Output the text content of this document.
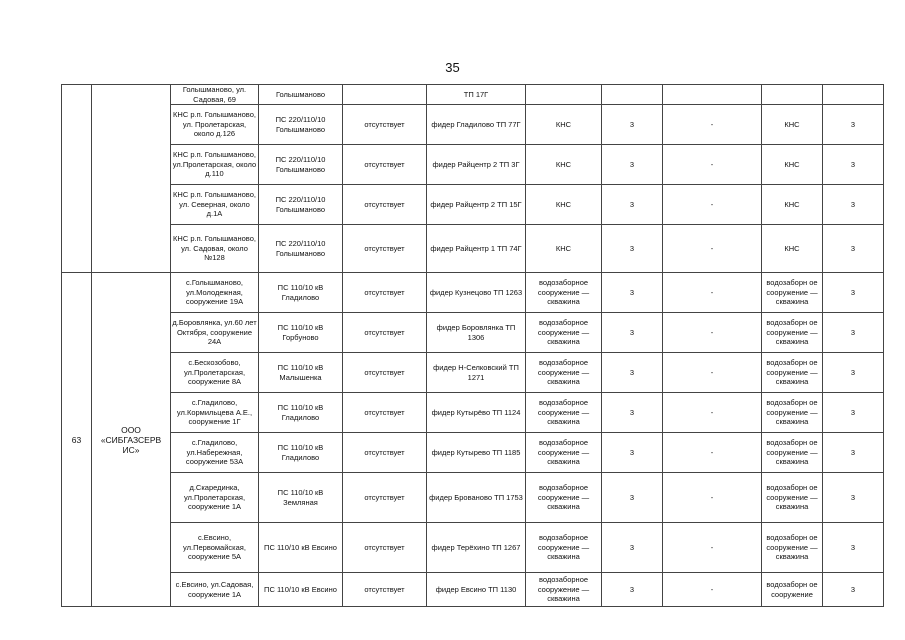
35
		Голышманово, ул. Садовая, 69	Голышманово		ТП 17Г					
		КНС р.п. Голышманово, ул. Пролетарская, около д.126	ПС 220/110/10 Голышманово	отсутствует	фидер Гладилово ТП 77Г	КНС	3	-	КНС	3
		КНС р.п. Голышманово, ул.Пролетарская, около д.110	ПС 220/110/10 Голышманово	отсутствует	фидер Райцентр 2 ТП 3Г	КНС	3	-	КНС	3
		КНС р.п. Голышманово, ул. Северная, около д.1А	ПС 220/110/10 Голышманово	отсутствует	фидер Райцентр 2 ТП 15Г	КНС	3	-	КНС	3
		КНС р.п. Голышманово, ул. Садовая, около №128	ПС 220/110/10 Голышманово	отсутствует	фидер Райцентр 1 ТП 74Г	КНС	3	-	КНС	3
63	ООО «СИБГАЗСЕРВ ИС»	с.Голышманово, ул.Молодежная, сооружение 19А	ПС 110/10 кВ Гладилово	отсутствует	фидер Кузнецово ТП 1263	водозаборное сооружение — скважина	3	-	водозаборн ое сооружение — скважина	3
		д.Боровлянка, ул.60 лет Октября, сооружение 24А	ПС 110/10 кВ Горбуново	отсутствует	фидер Боровлянка ТП 1306	водозаборное сооружение — скважина	3	-	водозаборн ое сооружение — скважина	3
		с.Бескозобово, ул.Пролетарская, сооружение 8А	ПС 110/10 кВ Малышенка	отсутствует	фидер Н-Селковский ТП 1271	водозаборное сооружение — скважина	3	-	водозаборн ое сооружение — скважина	3
		с.Гладилово, ул.Кормильцева А.Е., сооружение 1Г	ПС 110/10 кВ Гладилово	отсутствует	фидер Кутырёво ТП 1124	водозаборное сооружение — скважина	3	-	водозаборн ое сооружение — скважина	3
		с.Гладилово, ул.Набережная, сооружение 53А	ПС 110/10 кВ Гладилово	отсутствует	фидер Кутырево ТП 1185	водозаборное сооружение — скважина	3	-	водозаборн ое сооружение — скважина	3
		д.Скарединка, ул.Пролетарская, сооружение 1А	ПС 110/10 кВ Земляная	отсутствует	фидер Брованово ТП 1753	водозаборное сооружение — скважина	3	-	водозаборн ое сооружение — скважина	3
		с.Евсино, ул.Первомайская, сооружение 5А	ПС 110/10 кВ Евсино	отсутствует	фидер Терёхино ТП 1267	водозаборное сооружение — скважина	3	-	водозаборн ое сооружение — скважина	3
		с.Евсино, ул.Садовая, сооружение 1А	ПС 110/10 кВ Евсино	отсутствует	фидер Евсино ТП 1130	водозаборное сооружение — скважина	3	-	водозаборн ое сооружение	3
